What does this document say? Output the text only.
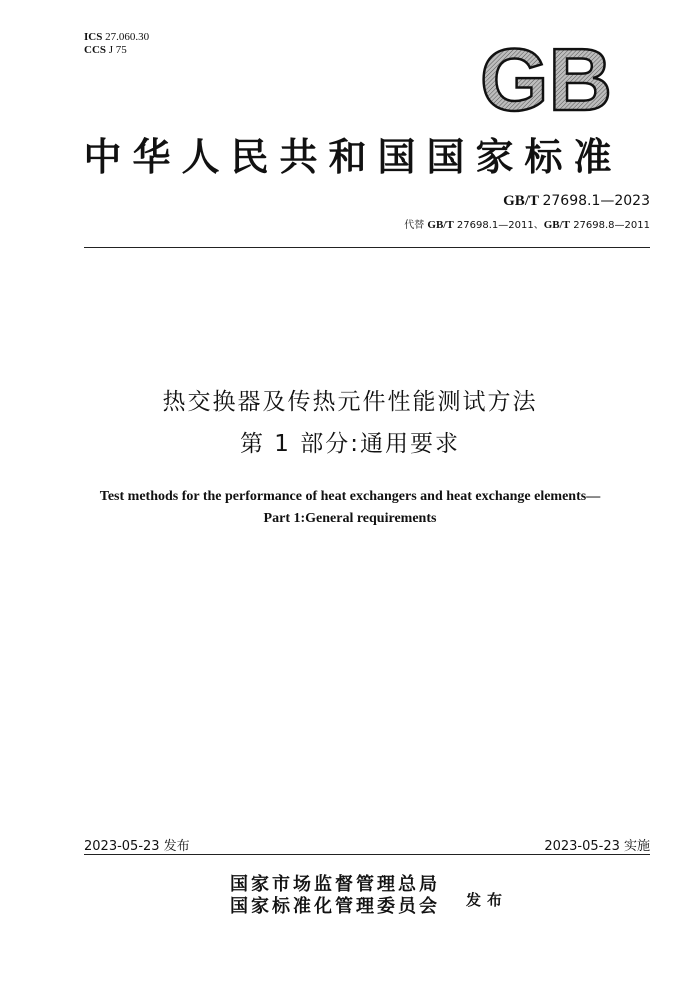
ICS 27.060.30
CCS J 75	GB
中华人民共和国国家标准
GB/T 27698.1—2023
代替 GB/T 27698.1—2011、GB/T 27698.8—2011
热交换器及传热元件性能测试方法
第 1 部分:通用要求
Test methods for the performance of heat exchangers and heat exchange elements—
Part 1:General requirements
2023-05-23 发布	2023-05-23 实施
国家市场监督管理总局
国家标准化管理委员会 发布
